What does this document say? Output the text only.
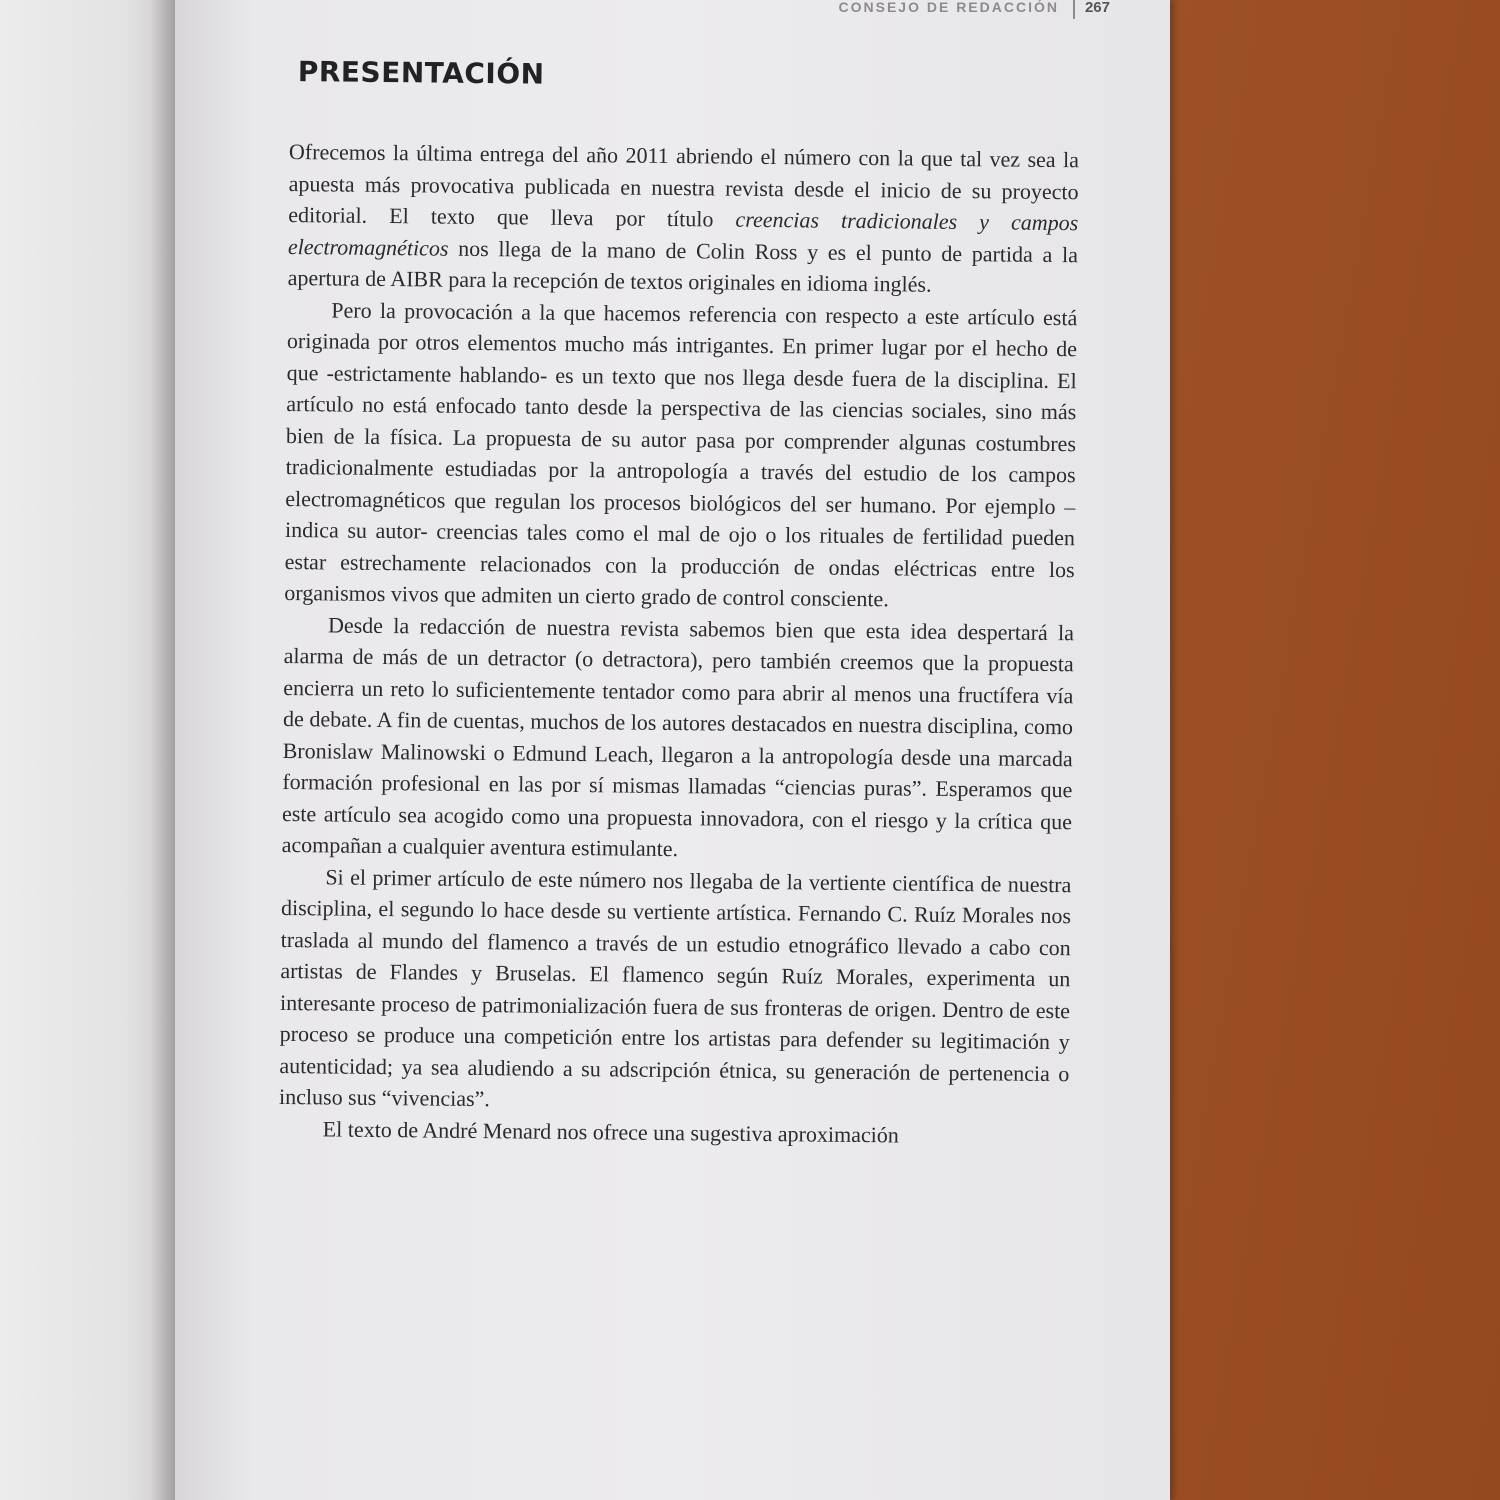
CONSEJO DE REDACCIÓN 267
PRESENTACIÓN

Ofrecemos la última entrega del año 2011 abriendo el número con la que tal vez sea la apuesta más provocativa publicada en nuestra revista desde el inicio de su proyecto editorial. El texto que lleva por título creencias tradicionales y campos electromagnéticos nos llega de la mano de Colin Ross y es el punto de partida a la apertura de AIBR para la recepción de textos originales en idioma inglés.

Pero la provocación a la que hacemos referencia con respecto a este artículo está originada por otros elementos mucho más intrigantes. En primer lugar por el hecho de que -estrictamente hablando- es un texto que nos llega desde fuera de la disciplina. El artículo no está enfocado tanto desde la perspectiva de las ciencias sociales, sino más bien de la física. La propuesta de su autor pasa por comprender algunas costumbres tradicionalmente estudiadas por la antropología a través del estudio de los campos electromagnéticos que regulan los procesos biológicos del ser humano. Por ejemplo –indica su autor- creencias tales como el mal de ojo o los rituales de fertilidad pueden estar estrechamente relacionados con la producción de ondas eléctricas entre los organismos vivos que admiten un cierto grado de control consciente.

Desde la redacción de nuestra revista sabemos bien que esta idea despertará la alarma de más de un detractor (o detractora), pero también creemos que la propuesta encierra un reto lo suficientemente tentador como para abrir al menos una fructífera vía de debate. A fin de cuentas, muchos de los autores destacados en nuestra disciplina, como Bronislaw Malinowski o Edmund Leach, llegaron a la antropología desde una marcada formación profesional en las por sí mismas llamadas “ciencias puras”. Esperamos que este artículo sea acogido como una propuesta innovadora, con el riesgo y la crítica que acompañan a cualquier aventura estimulante.

Si el primer artículo de este número nos llegaba de la vertiente científica de nuestra disciplina, el segundo lo hace desde su vertiente artística. Fernando C. Ruíz Morales nos traslada al mundo del flamenco a través de un estudio etnográfico llevado a cabo con artistas de Flandes y Bruselas. El flamenco según Ruíz Morales, experimenta un interesante proceso de patrimonialización fuera de sus fronteras de origen. Dentro de este proceso se produce una competición entre los artistas para defender su legitimación y autenticidad; ya sea aludiendo a su adscripción étnica, su generación de pertenencia o incluso sus “vivencias”.

El texto de André Menard nos ofrece una sugestiva aproximación
